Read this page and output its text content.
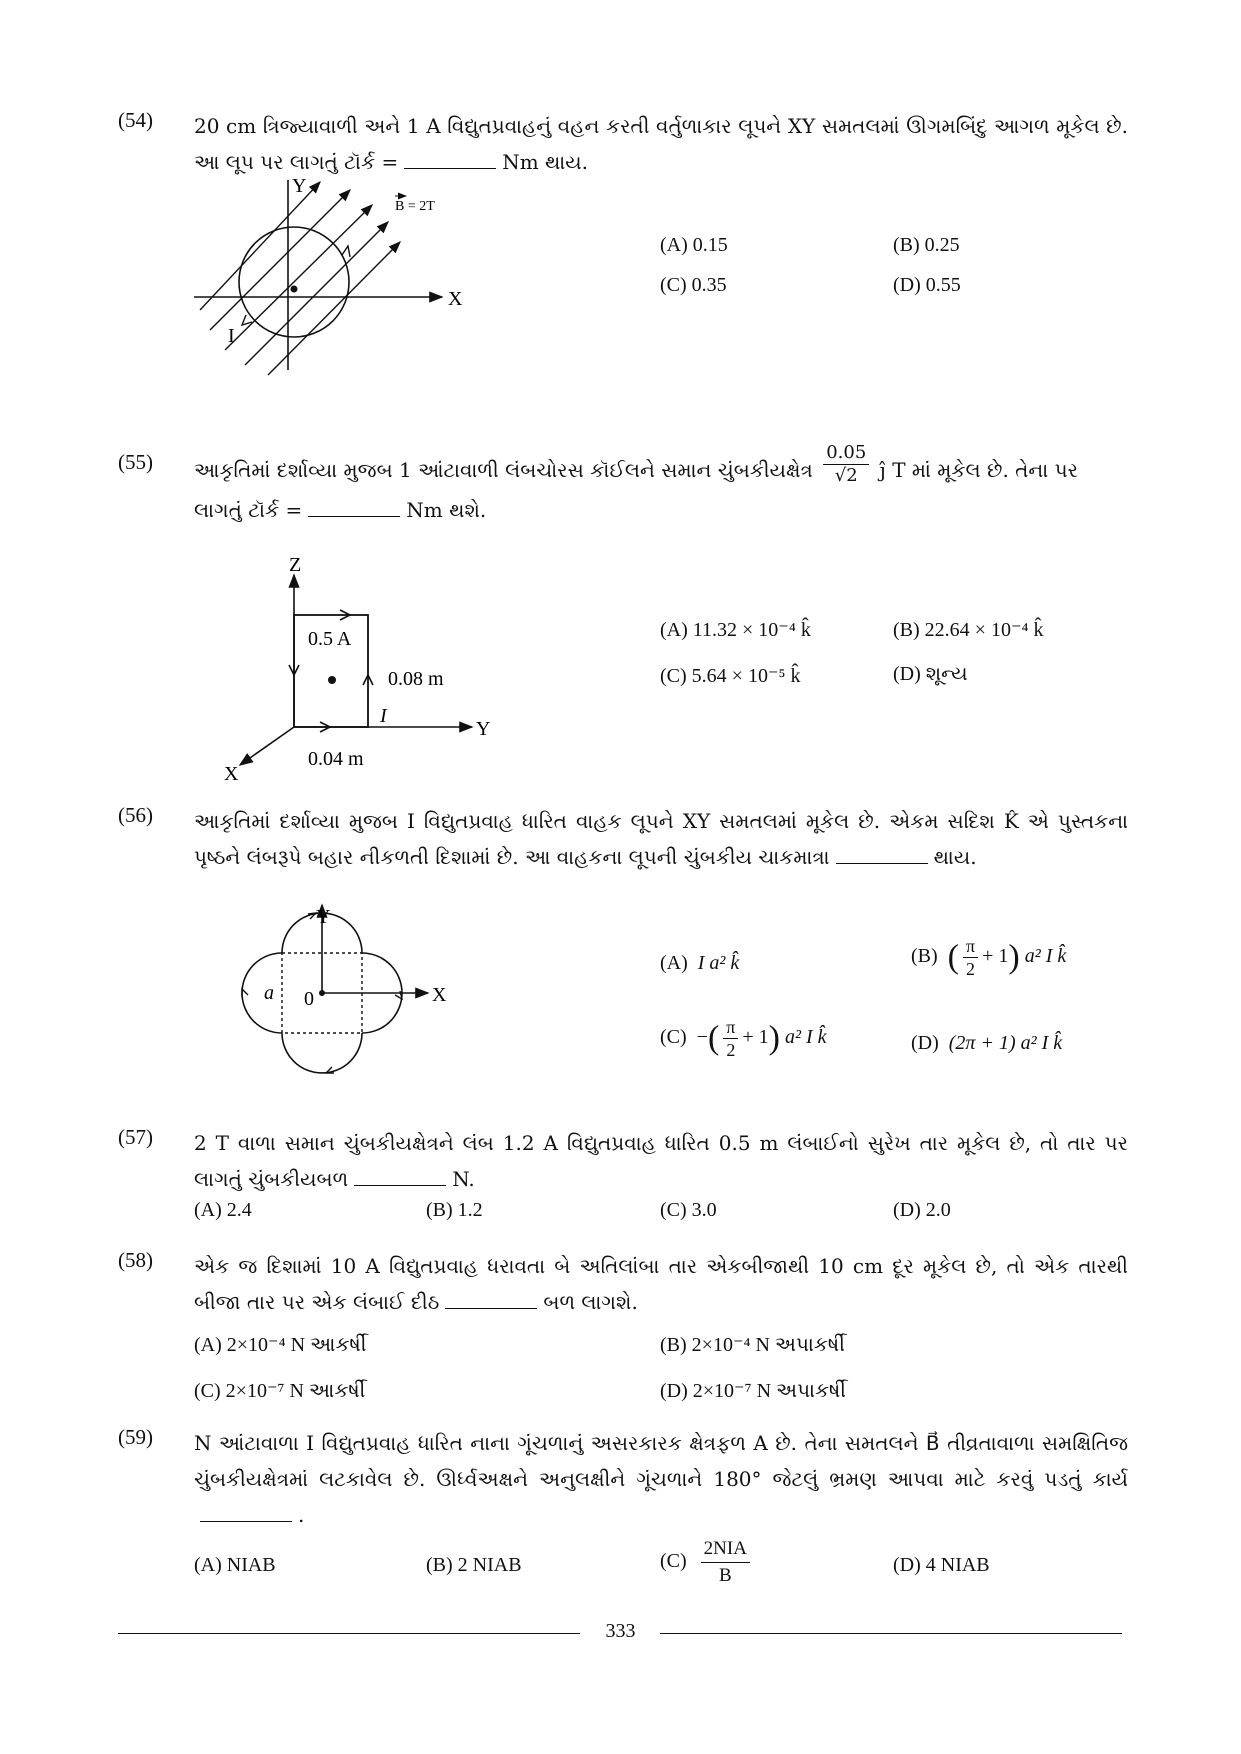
(54) 20 cm ત્રિજ્યાવાળી અને 1 A વિદ્યુતપ્રવાહનું વહન કરતી વર્તુળાકાર લૂપને XY સમતલમાં ઊગમબિંદુ આગળ મૂકેલ છે. આ લૂપ પર લાગતું ટૉર્ક =	Nm થાય.
Y
X
I
B = 2T
(A) 0.15	(B) 0.25
(C) 0.35	(D) 0.55
(55) આકૃતિમાં દર્શાવ્યા મુજબ 1 આંટાવાળી લંબચોરસ કૉઈલને સમાન ચુંબકીયક્ષેત્ર $\frac{0.05}{√2}$ ĵ T માં મૂકેલ છે. તેના પર
લાગતું ટૉર્ક =	Nm થશે.
Z
Y
X
0.5 A
0.08 m
0.04 m
I
(A) 11.32 × 10⁻⁴ k̂	(B) 22.64 × 10⁻⁴ k̂
(C) 5.64 × 10⁻⁵ k̂	(D) શૂન્ય
(56) આકૃતિમાં દર્શાવ્યા મુજબ I વિદ્યુતપ્રવાહ ધારિત વાહક લૂપને XY સમતલમાં મૂકેલ છે. એકમ સદિશ K̂ એ પુસ્તકના પૃષ્ઠને લંબરૂપે બહાર નીકળતી દિશામાં છે. આ વાહકના લૂપની ચુંબકીય ચાકમાત્રા	થાય.
Y
X
a 0
(A) I a² k̂	(B) ( $\frac{\pi}{2} + 1$) a² I k̂
(C) −( $\frac{\pi}{2} + 1$) a² I k̂	(D) (2π + 1) a² I k̂
(57) 2 T વાળા સમાન ચુંબકીયક્ષેત્રને લંબ 1.2 A વિદ્યુતપ્રવાહ ધારિત 0.5 m લંબાઈનો સુરેખ તાર મૂકેલ છે, તો તાર પર લાગતું ચુંબકીયબળ	N.
(A) 2.4	(B) 1.2	(C) 3.0	(D) 2.0
(58) એક જ દિશામાં 10 A વિદ્યુતપ્રવાહ ધરાવતા બે અતિલાંબા તાર એકબીજાથી 10 cm દૂર મૂકેલ છે, તો એક તારથી બીજા તાર પર એક લંબાઈ દીઠ	બળ લાગશે.
(A) 2×10⁻⁴ N આકર્ષી	(B) 2×10⁻⁴ N અપાકર્ષી
(C) 2×10⁻⁷ N આકર્ષી	(D) 2×10⁻⁷ N અપાકર્ષી
(59) N આંટાવાળા I વિદ્યુતપ્રવાહ ધારિત નાના ગૂંચળાનું અસરકારક ક્ષેત્રફળ A છે. તેના સમતલને B⃗ તીવ્રતાવાળા સમક્ષિતિજ ચુંબકીયક્ષેત્રમાં લટકાવેલ છે. ઊર્ધ્વઅક્ષને અનુલક્ષીને ગૂંચળાને 180° જેટલું ભ્રમણ આપવા માટે કરવું પડતું કાર્ય.
(A) NIAB	(B) 2 NIAB	$(C) \frac{\text{2NIA}}{B}$	(D) 4 NIAB
333
